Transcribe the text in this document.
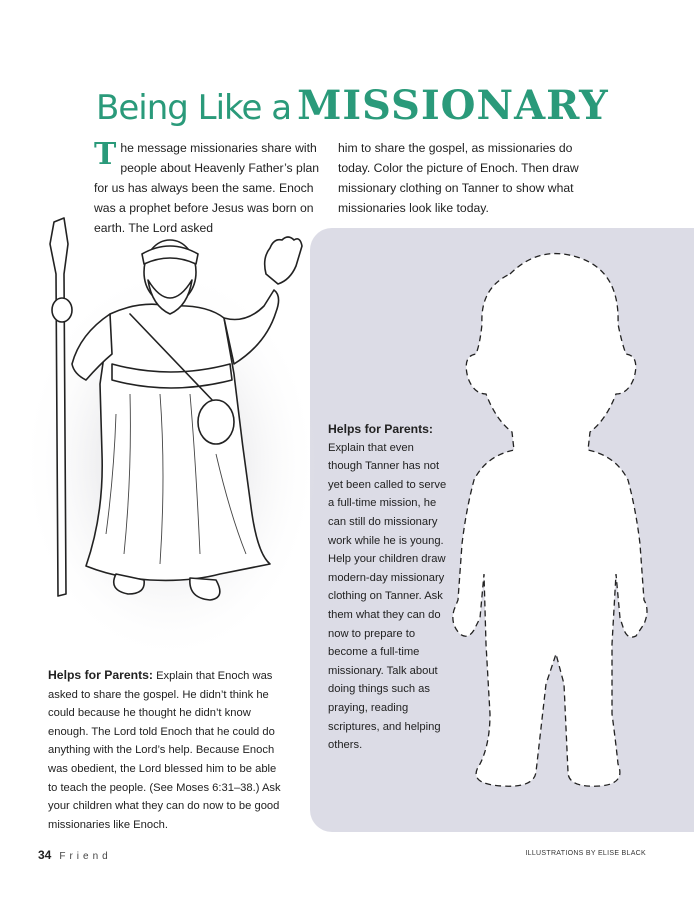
Being Like a MISSIONARY
The message missionaries share with people about Heavenly Father’s plan for us has always been the same. Enoch was a prophet before Jesus was born on earth. The Lord asked
him to share the gospel, as missionaries do today. Color the picture of Enoch. Then draw missionary clothing on Tanner to show what missionaries look like today.
Helps for Parents: Explain that Enoch was asked to share the gospel. He didn’t think he could because he thought he didn’t know enough. The Lord told Enoch that he could do anything with the Lord’s help. Because Enoch was obedient, the Lord blessed him to be able to teach the people. (See Moses 6:31–38.) Ask your children what they can do now to be good missionaries like Enoch.
Helps for Parents:
Explain that even though Tanner has not yet been called to serve a full-time mission, he can still do missionary work while he is young. Help your children draw modern-day missionary clothing on Tanner. Ask them what they can do now to prepare to become a full-time missionary. Talk about doing things such as praying, reading scriptures, and helping others.
34 Friend	ILLUSTRATIONS BY ELISE BLACK
